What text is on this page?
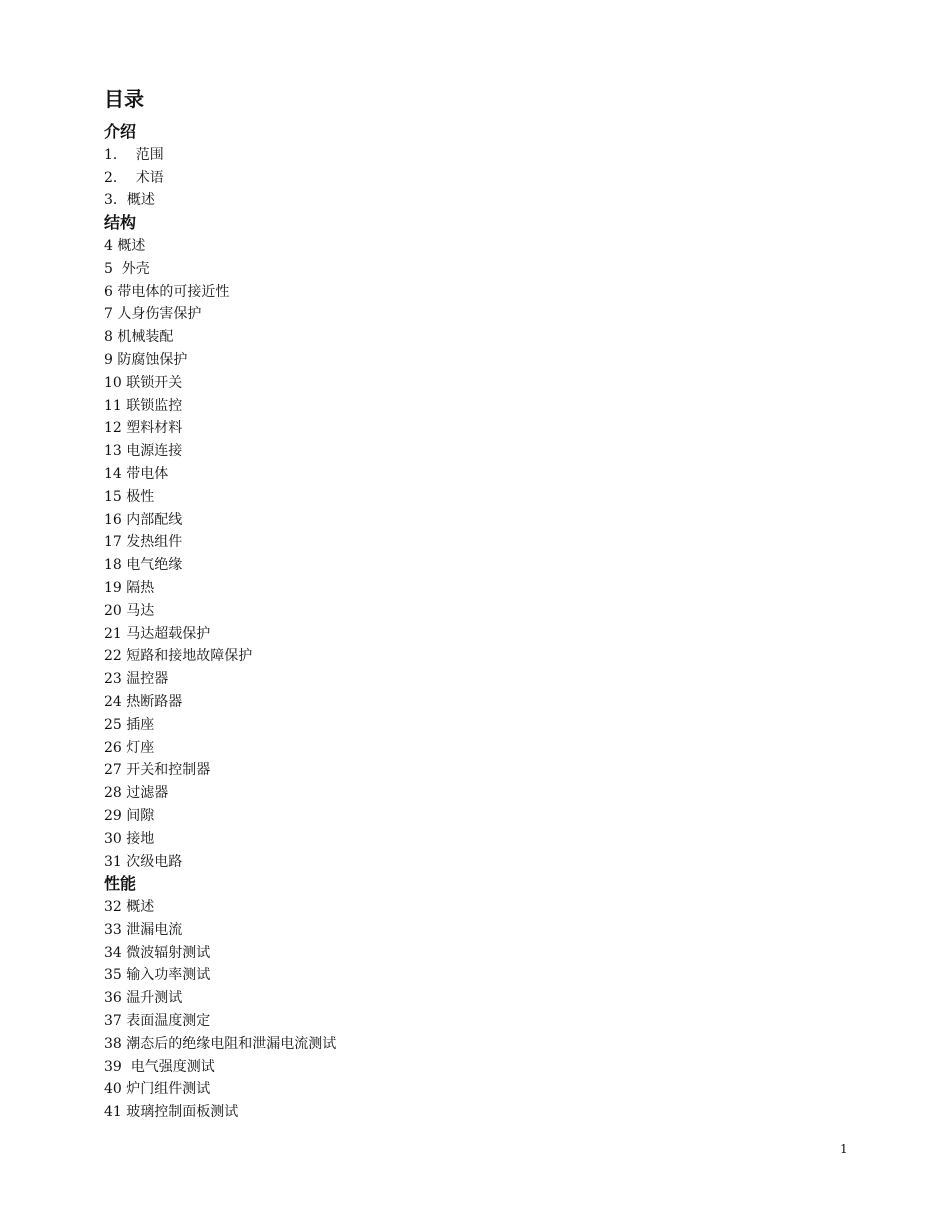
目录
介绍
1．  范围
2．  术语
3．概述
结构
4 概述
5  外壳
6 带电体的可接近性
7 人身伤害保护
8 机械装配
9 防腐蚀保护
10 联锁开关
11 联锁监控
12 塑料材料
13 电源连接
14 带电体
15 极性
16 内部配线
17 发热组件
18 电气绝缘
19 隔热
20 马达
21 马达超载保护
22 短路和接地故障保护
23 温控器
24 热断路器
25 插座
26 灯座
27 开关和控制器
28 过滤器
29 间隙
30 接地
31 次级电路
性能
32 概述
33 泄漏电流
34 微波辐射测试
35 输入功率测试
36 温升测试
37 表面温度测定
38 潮态后的绝缘电阻和泄漏电流测试
39  电气强度测试
40 炉门组件测试
41 玻璃控制面板测试
1
